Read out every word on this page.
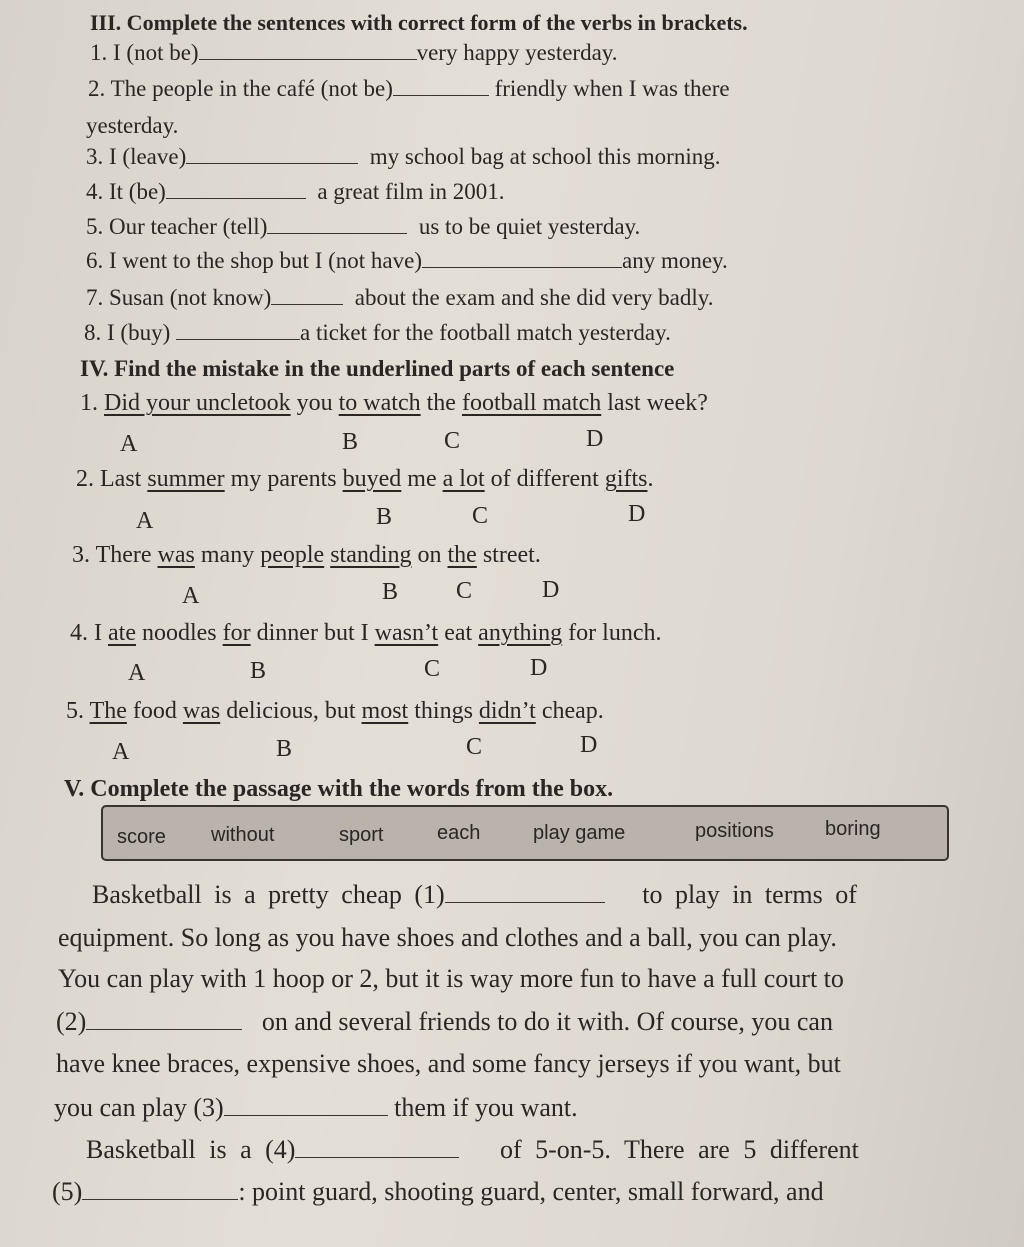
III. Complete the sentences with correct form of the verbs in brackets.
1. I (not be)	very happy yesterday.
2. The people in the café (not be)	friendly when I was there
yesterday.
3. I (leave)	my school bag at school this morning.
4. It (be)	a great film in 2001.
5. Our teacher (tell)	us to be quiet yesterday.
6. I went to the shop but I (not have)	any money.
7. Susan (not know)	about the exam and she did very badly.
8. I (buy)	a ticket for the football match yesterday.
IV. Find the mistake in the underlined parts of each sentence
1. Did your uncletook you to watch the football match last week?
A	B	C	D
2. Last summer my parents buyed me a lot of different gifts.
A	B	C	D
3. There was many people standing on the street.
A	B C	D
4. I ate noodles for dinner but I wasn’t eat anything for lunch.
A	B	C	D
5. The food was delicious, but most things didn’t cheap.
A	B	C	D
V. Complete the passage with the words from the box.
score without	sport	each	play game	positions	boring
Basketball is a pretty cheap (1)	to play in terms of
equipment. So long as you have shoes and clothes and a ball, you can play.
You can play with 1 hoop or 2, but it is way more fun to have a full court to
(2)	on and several friends to do it with. Of course, you can
have knee braces, expensive shoes, and some fancy jerseys if you want, but
you can play (3)	them if you want.
Basketball is a (4)	of 5-on-5. There are 5 different
(5)	: point guard, shooting guard, center, small forward, and
